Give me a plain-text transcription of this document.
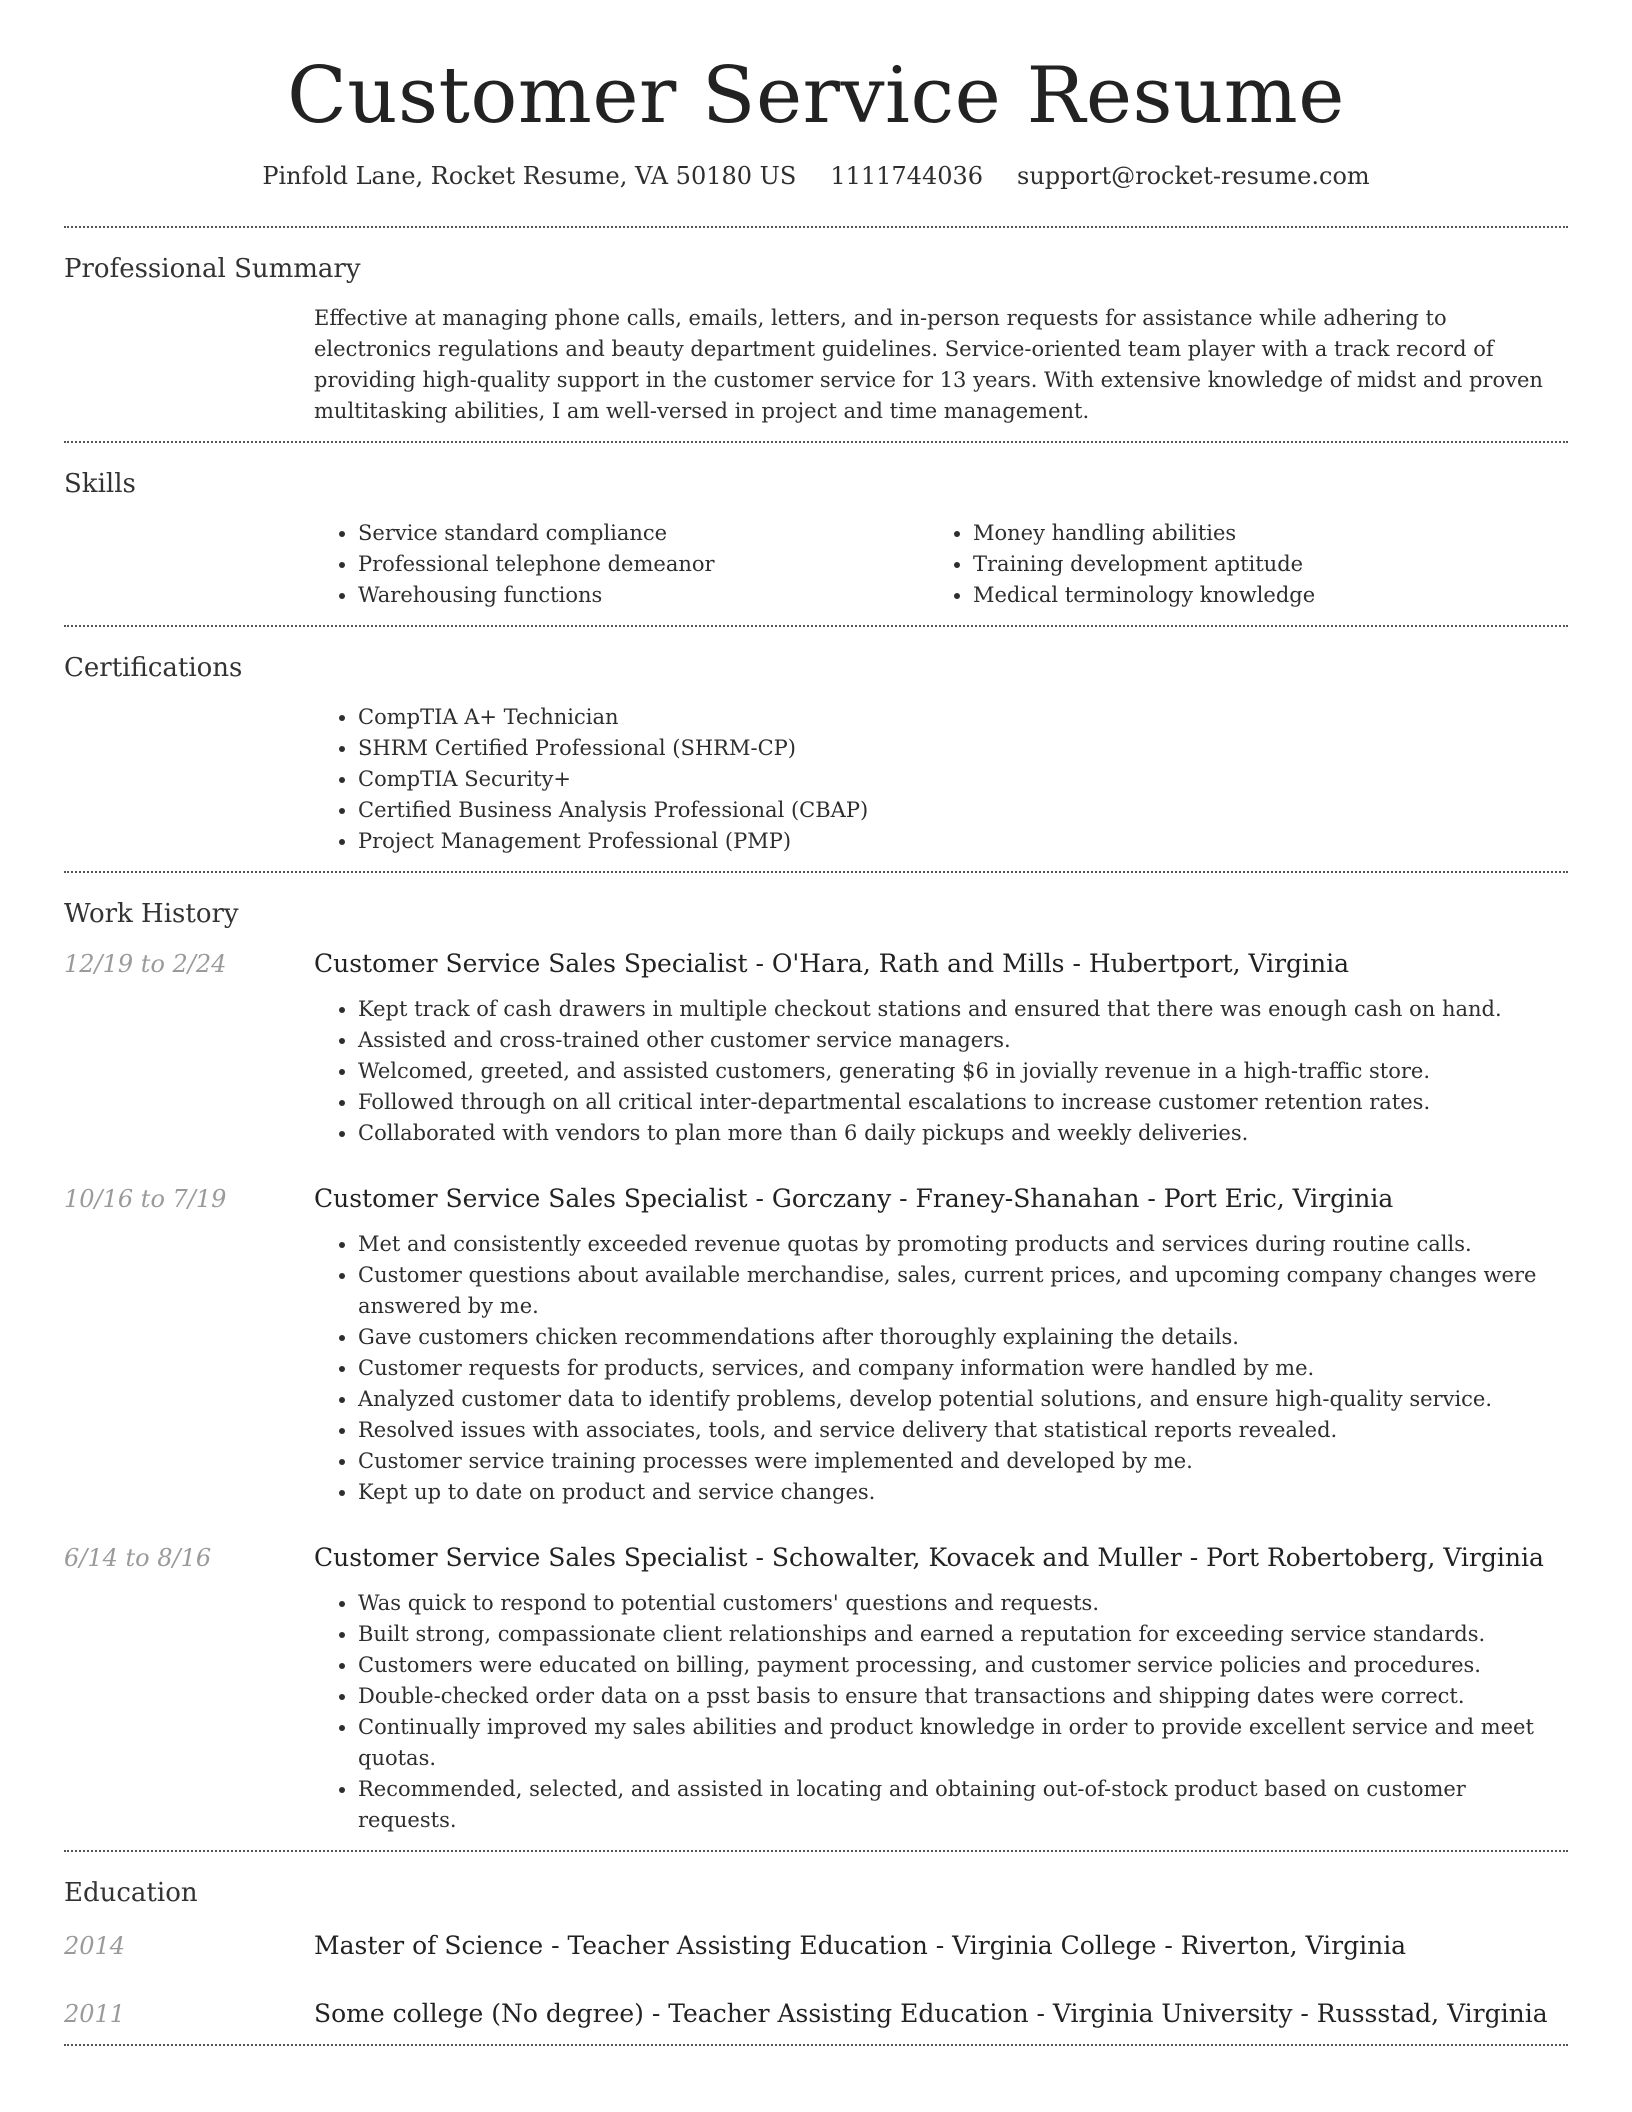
Customer Service Resume
Pinfold Lane, Rocket Resume, VA 50180 US 1111744036 support@rocket-resume.com
Professional Summary
Effective at managing phone calls, emails, letters, and in-person requests for assistance while adhering to electronics regulations and beauty department guidelines. Service-oriented team player with a track record of providing high-quality support in the customer service for 13 years. With extensive knowledge of midst and proven multitasking abilities, I am well-versed in project and time management.
Skills
• Service standard compliance
• Professional telephone demeanor
• Warehousing functions
• Money handling abilities
• Training development aptitude
• Medical terminology knowledge
Certifications
• CompTIA A+ Technician
• SHRM Certified Professional (SHRM-CP)
• CompTIA Security+
• Certified Business Analysis Professional (CBAP)
• Project Management Professional (PMP)
Work History
12/19 to 2/24	Customer Service Sales Specialist - O'Hara, Rath and Mills - Hubertport, Virginia
• Kept track of cash drawers in multiple checkout stations and ensured that there was enough cash on hand.
• Assisted and cross-trained other customer service managers.
• Welcomed, greeted, and assisted customers, generating $6 in jovially revenue in a high-traffic store.
• Followed through on all critical inter-departmental escalations to increase customer retention rates.
• Collaborated with vendors to plan more than 6 daily pickups and weekly deliveries.
10/16 to 7/19	Customer Service Sales Specialist - Gorczany - Franey-Shanahan - Port Eric, Virginia
• Met and consistently exceeded revenue quotas by promoting products and services during routine calls.
• Customer questions about available merchandise, sales, current prices, and upcoming company changes were answered by me.
• Gave customers chicken recommendations after thoroughly explaining the details.
• Customer requests for products, services, and company information were handled by me.
• Analyzed customer data to identify problems, develop potential solutions, and ensure high-quality service.
• Resolved issues with associates, tools, and service delivery that statistical reports revealed.
• Customer service training processes were implemented and developed by me.
• Kept up to date on product and service changes.
6/14 to 8/16	Customer Service Sales Specialist - Schowalter, Kovacek and Muller - Port Robertoberg, Virginia
• Was quick to respond to potential customers' questions and requests.
• Built strong, compassionate client relationships and earned a reputation for exceeding service standards.
• Customers were educated on billing, payment processing, and customer service policies and procedures.
• Double-checked order data on a psst basis to ensure that transactions and shipping dates were correct.
• Continually improved my sales abilities and product knowledge in order to provide excellent service and meet quotas.
• Recommended, selected, and assisted in locating and obtaining out-of-stock product based on customer requests.
Education
2014	Master of Science - Teacher Assisting Education - Virginia College - Riverton, Virginia
2011	Some college (No degree) - Teacher Assisting Education - Virginia University - Russstad, Virginia
